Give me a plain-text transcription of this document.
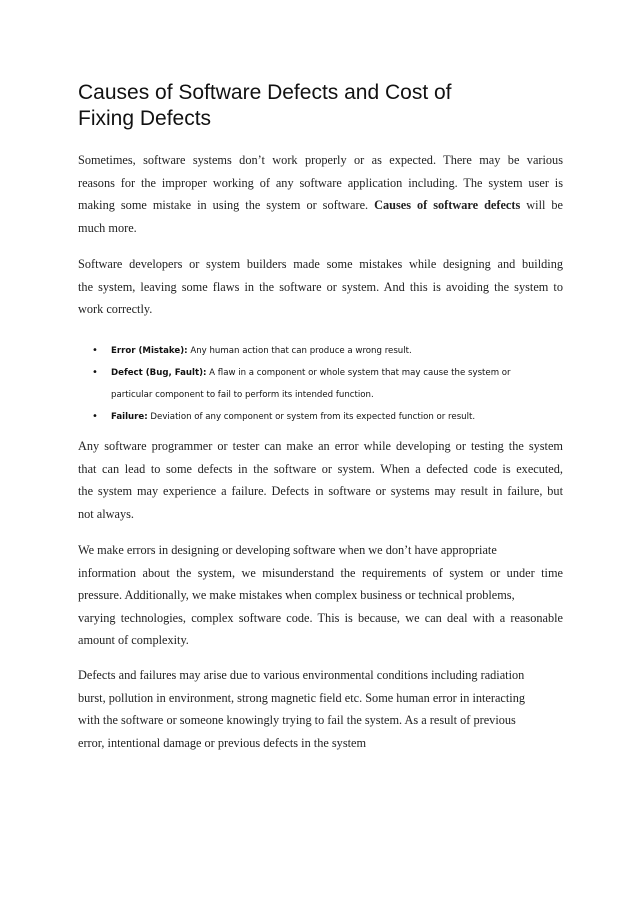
Causes of Software Defects and Cost of
Fixing Defects

Sometimes, software systems don’t work properly or as expected. There may be various
reasons for the improper working of any software application including. The system user is
making some mistake in using the system or software. Causes of software defects will be
much more.

Software developers or system builders made some mistakes while designing and building
the system, leaving some flaws in the software or system. And this is avoiding the system to
work correctly.

• Error (Mistake): Any human action that can produce a wrong result.
• Defect (Bug, Fault): A flaw in a component or whole system that may cause the system or
particular component to fail to perform its intended function.
• Failure: Deviation of any component or system from its expected function or result.

Any software programmer or tester can make an error while developing or testing the system
that can lead to some defects in the software or system. When a defected code is executed,
the system may experience a failure. Defects in software or systems may result in failure, but
not always.

We make errors in designing or developing software when we don’t have appropriate
information about the system, we misunderstand the requirements of system or under time
pressure. Additionally, we make mistakes when complex business or technical problems,
varying technologies, complex software code. This is because, we can deal with a reasonable
amount of complexity.

Defects and failures may arise due to various environmental conditions including radiation
burst, pollution in environment, strong magnetic field etc. Some human error in interacting
with the software or someone knowingly trying to fail the system. As a result of previous
error, intentional damage or previous defects in the system
